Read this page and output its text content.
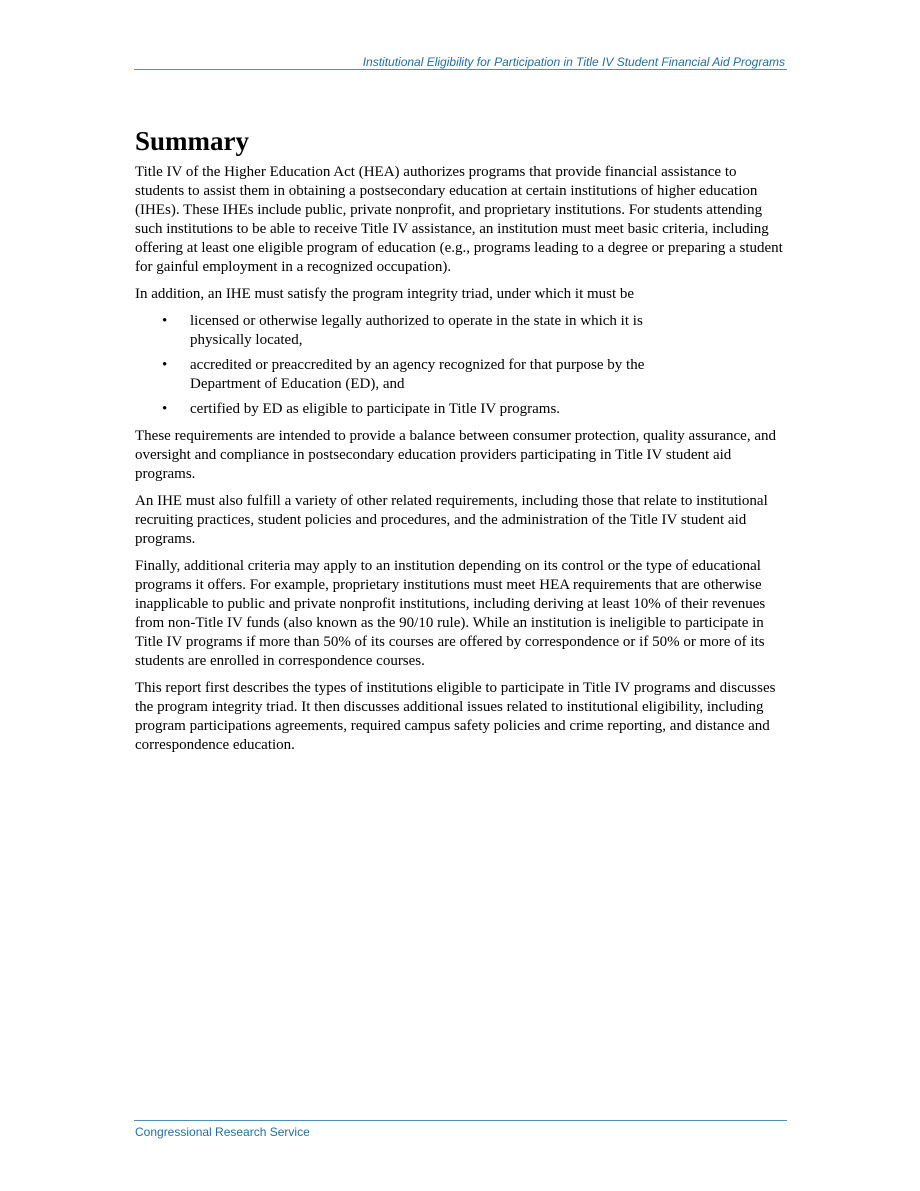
Institutional Eligibility for Participation in Title IV Student Financial Aid Programs
Summary

Title IV of the Higher Education Act (HEA) authorizes programs that provide financial assistance to students to assist them in obtaining a postsecondary education at certain institutions of higher education (IHEs). These IHEs include public, private nonprofit, and proprietary institutions. For students attending such institutions to be able to receive Title IV assistance, an institution must meet basic criteria, including offering at least one eligible program of education (e.g., programs leading to a degree or preparing a student for gainful employment in a recognized occupation).

In addition, an IHE must satisfy the program integrity triad, under which it must be

• licensed or otherwise legally authorized to operate in the state in which it is physically located,
• accredited or preaccredited by an agency recognized for that purpose by the Department of Education (ED), and
• certified by ED as eligible to participate in Title IV programs.

These requirements are intended to provide a balance between consumer protection, quality assurance, and oversight and compliance in postsecondary education providers participating in Title IV student aid programs.

An IHE must also fulfill a variety of other related requirements, including those that relate to institutional recruiting practices, student policies and procedures, and the administration of the Title IV student aid programs.

Finally, additional criteria may apply to an institution depending on its control or the type of educational programs it offers. For example, proprietary institutions must meet HEA requirements that are otherwise inapplicable to public and private nonprofit institutions, including deriving at least 10% of their revenues from non-Title IV funds (also known as the 90/10 rule). While an institution is ineligible to participate in Title IV programs if more than 50% of its courses are offered by correspondence or if 50% or more of its students are enrolled in correspondence courses.

This report first describes the types of institutions eligible to participate in Title IV programs and discusses the program integrity triad. It then discusses additional issues related to institutional eligibility, including program participations agreements, required campus safety policies and crime reporting, and distance and correspondence education.

Congressional Research Service
